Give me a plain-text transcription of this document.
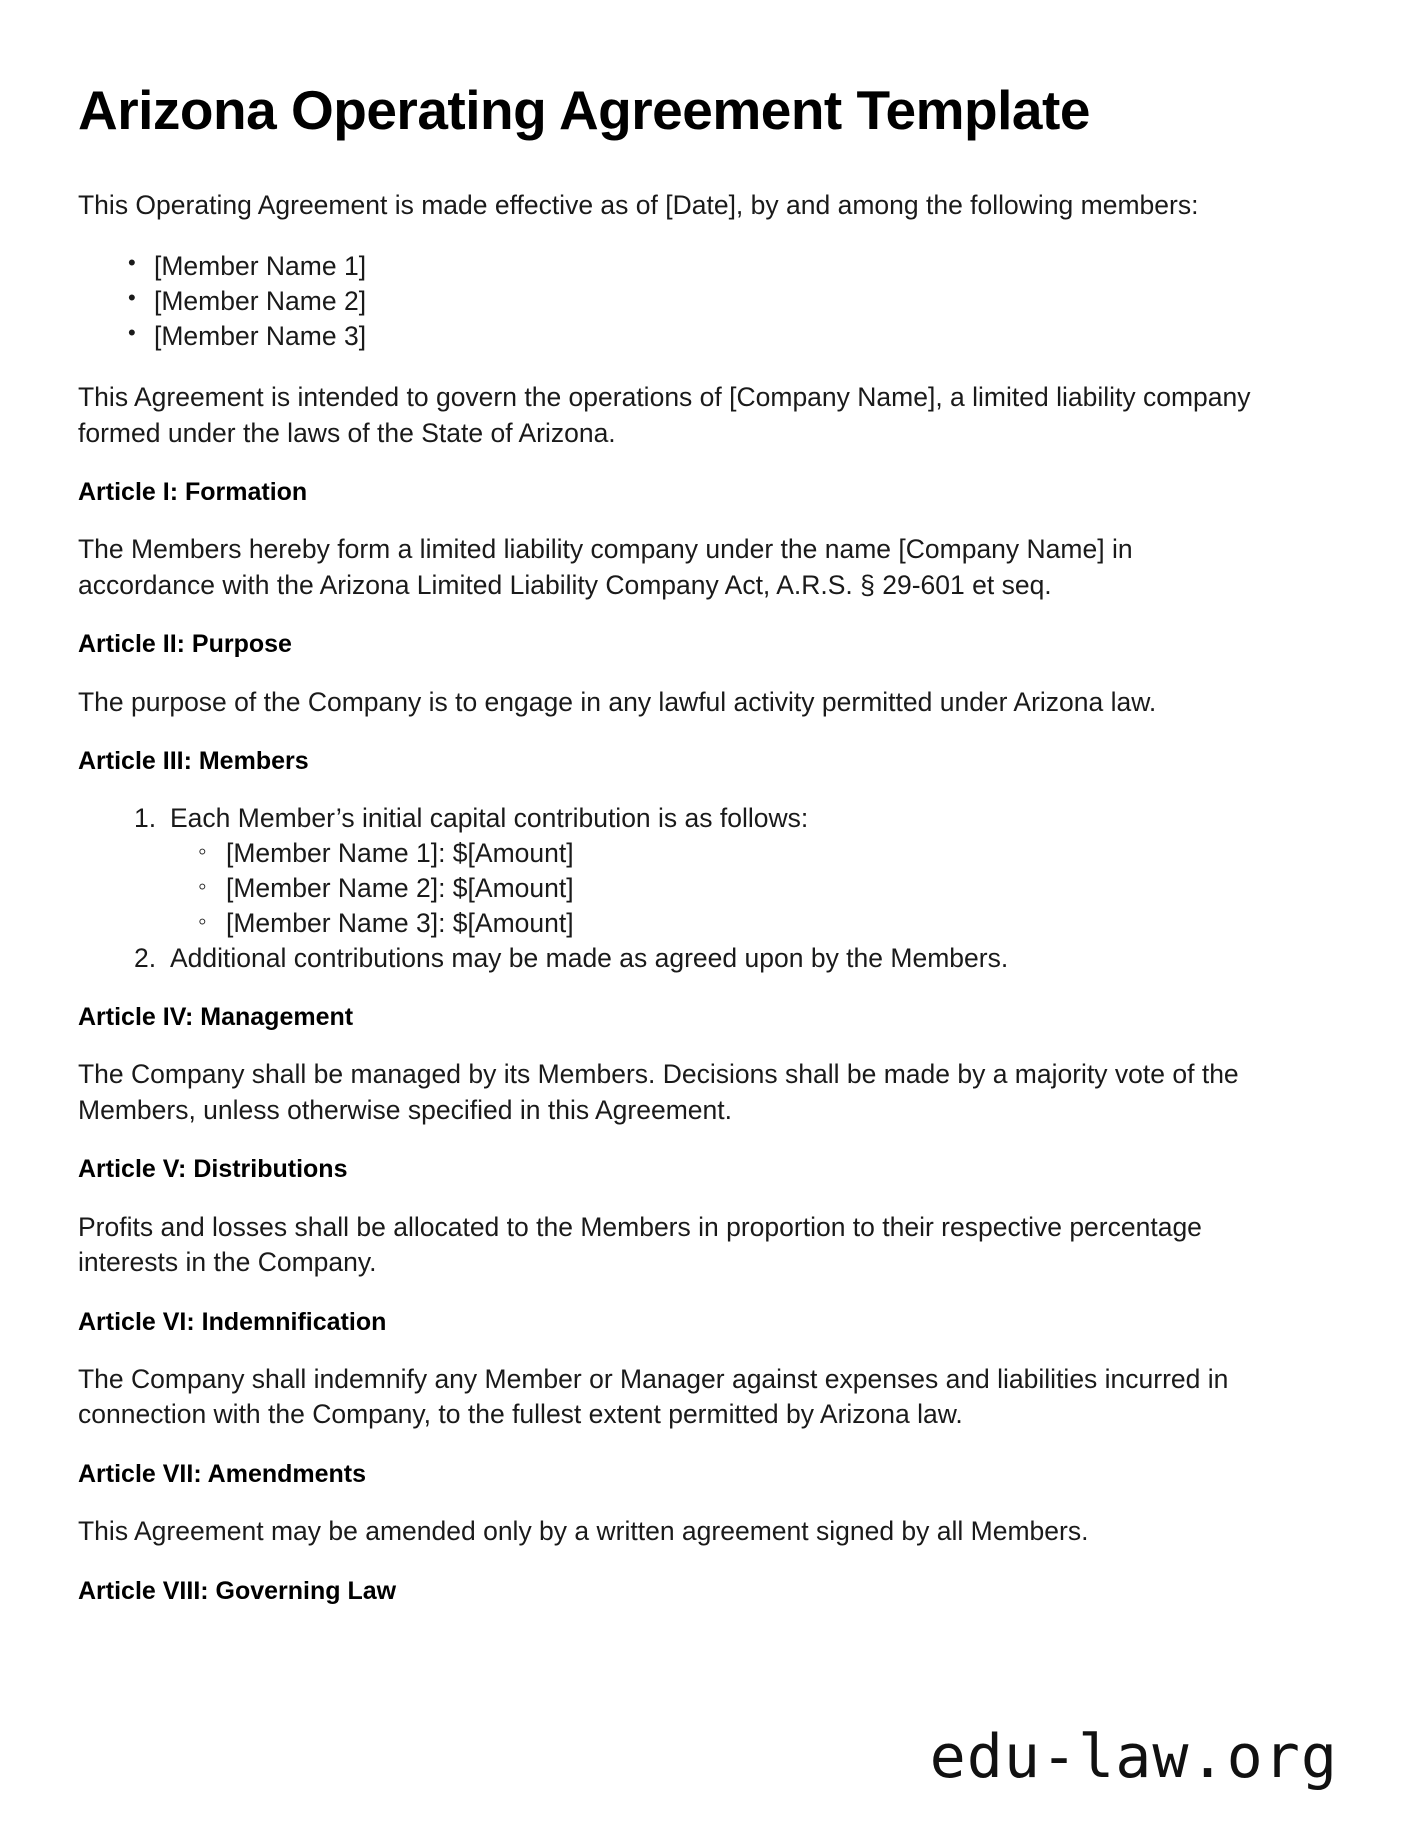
Arizona Operating Agreement Template

This Operating Agreement is made effective as of [Date], by and among the following members:

• [Member Name 1]
• [Member Name 2]
• [Member Name 3]

This Agreement is intended to govern the operations of [Company Name], a limited liability company formed under the laws of the State of Arizona.

Article I: Formation

The Members hereby form a limited liability company under the name [Company Name] in accordance with the Arizona Limited Liability Company Act, A.R.S. § 29-601 et seq.

Article II: Purpose

The purpose of the Company is to engage in any lawful activity permitted under Arizona law.

Article III: Members
Each Member’s initial capital contribution is as follows:
◦ [Member Name 1]: $[Amount]
◦ [Member Name 2]: $[Amount]
◦ [Member Name 3]: $[Amount]
Additional contributions may be made as agreed upon by the Members.
Article IV: Management

The Company shall be managed by its Members. Decisions shall be made by a majority vote of the Members, unless otherwise specified in this Agreement.

Article V: Distributions

Profits and losses shall be allocated to the Members in proportion to their respective percentage interests in the Company.

Article VI: Indemnification

The Company shall indemnify any Member or Manager against expenses and liabilities incurred in connection with the Company, to the fullest extent permitted by Arizona law.

Article VII: Amendments

This Agreement may be amended only by a written agreement signed by all Members.

Article VIII: Governing Law
edu-law.org
